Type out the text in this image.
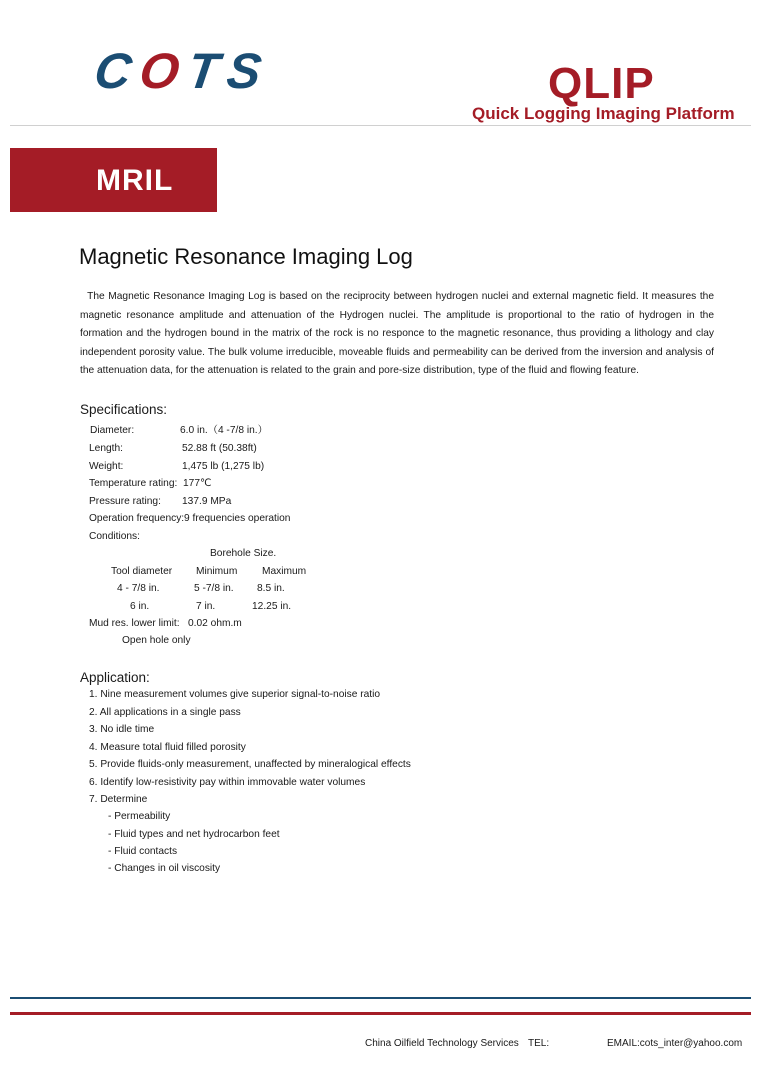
COTS	QLIP
Quick Logging Imaging Platform
MRIL
Magnetic Resonance Imaging Log
The Magnetic Resonance Imaging Log is based on the reciprocity between hydrogen nuclei and external magnetic field. It measures the magnetic resonance amplitude and attenuation of the Hydrogen nuclei. The amplitude is proportional to the ratio of hydrogen in the formation and the hydrogen bound in the matrix of the rock is no responce to the magnetic resonance, thus providing a lithology and clay independent porosity value. The bulk volume irreducible, moveable fluids and permeability can be derived from the inversion and analysis of the attenuation data, for the attenuation is related to the grain and pore-size distribution, type of the fluid and flowing feature.
Specifications:
Diameter:	6.0 in.（4 -7/8 in.）
Length:	52.88 ft (50.38ft)
Weight:	1,475 lb (1,275 lb)
Temperature rating: 177℃
Pressure rating: 137.9 MPa
Operation frequency: 9 frequencies operation
Conditions:
Borehole Size.
Tool diameter Minimum Maximum
4 - 7/8 in.	5 -7/8 in. 8.5 in.
6 in.	7 in.	12.25 in.
Mud res. lower limit: 0.02 ohm.m
Open hole only
Application:
1. Nine measurement volumes give superior signal-to-noise ratio
2. All applications in a single pass
3. No idle time
4. Measure total fluid filled porosity
5. Provide fluids-only measurement, unaffected by mineralogical effects
6. Identify low-resistivity pay within immovable water volumes
7. Determine
- Permeability
- Fluid types and net hydrocarbon feet
- Fluid contacts
- Changes in oil viscosity
China Oilfield Technology Services TEL:	EMAIL:cots_inter@yahoo.com
